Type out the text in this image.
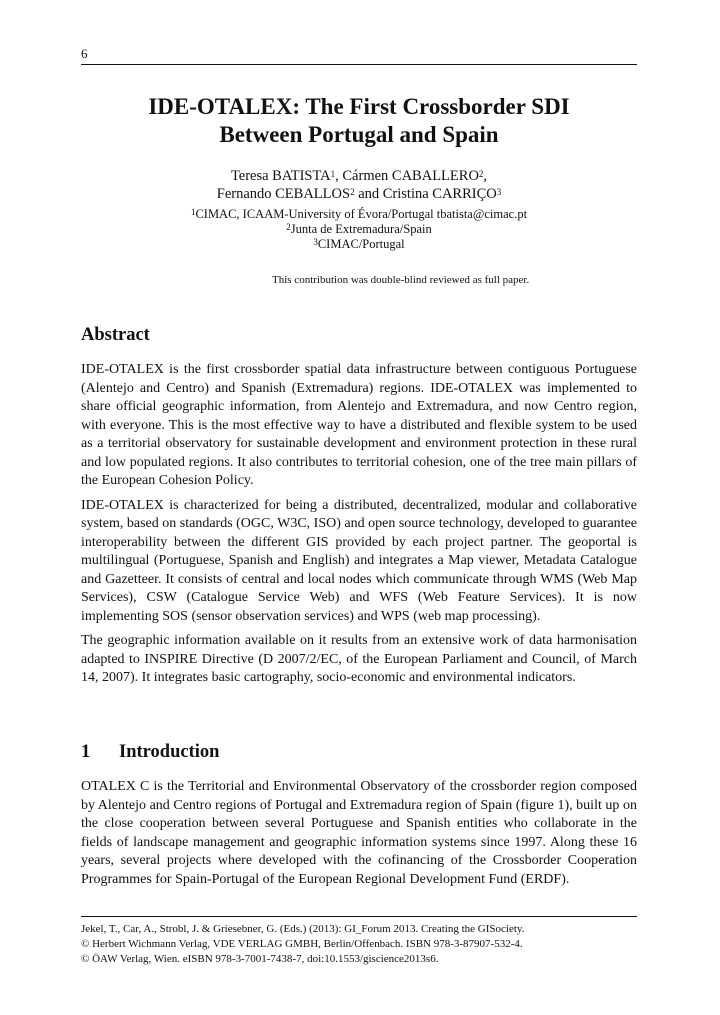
6
IDE-OTALEX: The First Crossborder SDI
Between Portugal and Spain
Teresa BATISTA$^1$, Cármen CABALLERO$^2$,
Fernando CEBALLOS$^2$ and Cristina CARRIÇO$^3$
$^1$CIMAC, ICAAM-University of Évora/Portugal tbatista@cimac.pt
$^2$Junta de Extremadura/Spain
$^3$CIMAC/Portugal
This contribution was double-blind reviewed as full paper.
Abstract

IDE-OTALEX is the first crossborder spatial data infrastructure between contiguous Portuguese (Alentejo and Centro) and Spanish (Extremadura) regions. IDE-OTALEX was implemented to share official geographic information, from Alentejo and Extremadura, and now Centro region, with everyone. This is the most effective way to have a distributed and flexible system to be used as a territorial observatory for sustainable development and environment protection in these rural and low populated regions. It also contributes to territorial cohesion, one of the tree main pillars of the European Cohesion Policy.

IDE-OTALEX is characterized for being a distributed, decentralized, modular and collaborative system, based on standards (OGC, W3C, ISO) and open source technology, developed to guarantee interoperability between the different GIS provided by each project partner. The geoportal is multilingual (Portuguese, Spanish and English) and integrates a Map viewer, Metadata Catalogue and Gazetteer. It consists of central and local nodes which communicate through WMS (Web Map Services), CSW (Catalogue Service Web) and WFS (Web Feature Services). It is now implementing SOS (sensor observation services) and WPS (web map processing).

The geographic information available on it results from an extensive work of data harmonisation adapted to INSPIRE Directive (D 2007/2/EC, of the European Parliament and Council, of March 14, 2007). It integrates basic cartography, socio-economic and environmental indicators.

1 Introduction

OTALEX C is the Territorial and Environmental Observatory of the crossborder region composed by Alentejo and Centro regions of Portugal and Extremadura region of Spain (figure 1), built up on the close cooperation between several Portuguese and Spanish entities who collaborate in the fields of landscape management and geographic information systems since 1997. Along these 16 years, several projects where developed with the cofinancing of the Crossborder Cooperation Programmes for Spain-Portugal of the European Regional Development Fund (ERDF).

Jekel, T., Car, A., Strobl, J. & Griesebner, G. (Eds.) (2013): GI_Forum 2013. Creating the GISociety.
© Herbert Wichmann Verlag, VDE VERLAG GMBH, Berlin/Offenbach. ISBN 978-3-87907-532-4.
© ÖAW Verlag, Wien. eISBN 978-3-7001-7438-7, doi:10.1553/giscience2013s6.
